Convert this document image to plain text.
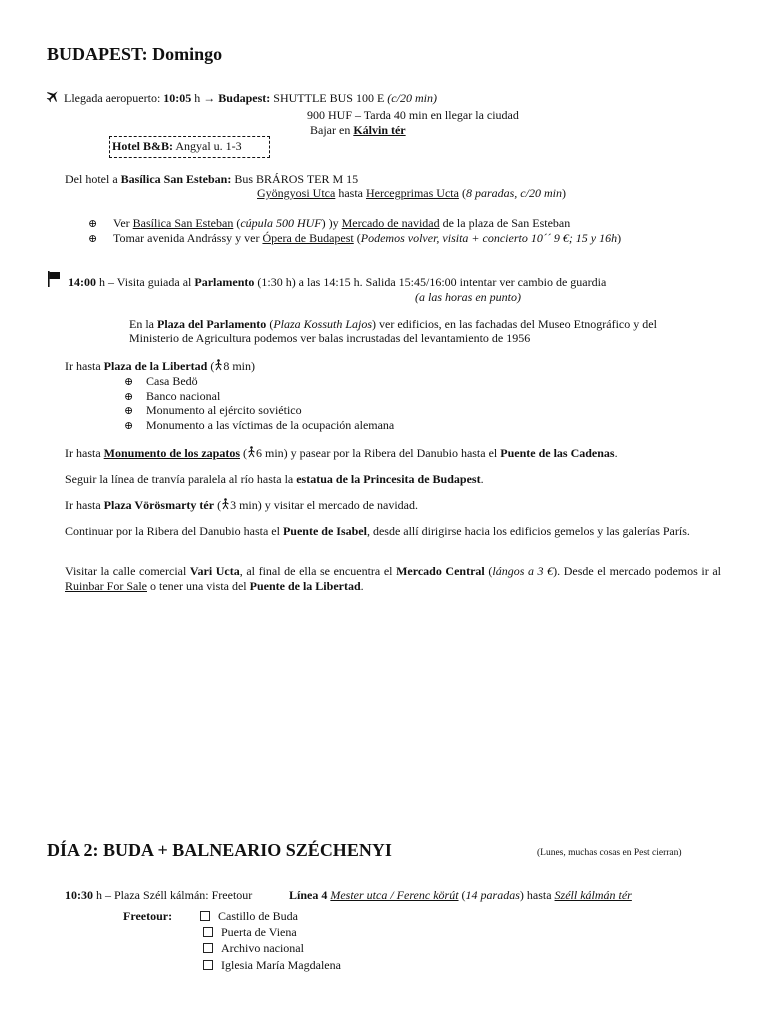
BUDAPEST: Domingo
Llegada aeropuerto: 10:05 h → Budapest: SHUTTLE BUS 100 E (c/20 min)
900 HUF – Tarda 40 min en llegar la ciudad
Bajar en Kálvin tér
Hotel B&B: Angyal u. 1-3
Del hotel a Basílica San Esteban: Bus BRÁROS TER M 15
Gyöngyosi Utca hasta Hercegprimas Ucta (8 paradas, c/20 min)
⊕ Ver Basílica San Esteban (cúpula 500 HUF) )y Mercado de navidad de la plaza de San Esteban
⊕ Tomar avenida Andrássy y ver Ópera de Budapest (Podemos volver, visita + concierto 10´´ 9 €; 15 y 16h)
14:00 h – Visita guiada al Parlamento (1:30 h) a las 14:15 h. Salida 15:45/16:00 intentar ver cambio de guardia
(a las horas en punto)
En la Plaza del Parlamento (Plaza Kossuth Lajos) ver edificios, en las fachadas del Museo Etnográfico y del
Ministerio de Agricultura podemos ver balas incrustadas del levantamiento de 1956
Ir hasta Plaza de la Libertad ( 8 min)
⊕ Casa Bedö
⊕ Banco nacional
⊕ Monumento al ejército soviético
⊕ Monumento a las víctimas de la ocupación alemana
Ir hasta Monumento de los zapatos ( 6 min) y pasear por la Ribera del Danubio hasta el Puente de las Cadenas.
Seguir la línea de tranvía paralela al río hasta la estatua de la Princesita de Budapest.
Ir hasta Plaza Vörösmarty tér ( 3 min) y visitar el mercado de navidad.
Continuar por la Ribera del Danubio hasta el Puente de Isabel, desde allí dirigirse hacia los edificios gemelos y las galerías París.
Visitar la calle comercial Vari Ucta, al final de ella se encuentra el Mercado Central (lángos a 3 €). Desde el mercado podemos ir al Ruinbar For Sale o tener una vista del Puente de la Libertad.
DÍA 2: BUDA + BALNEARIO SZÉCHENYI	(Lunes, muchas cosas en Pest cierran)
10:30 h – Plaza Széll kálmán: Freetour	Línea 4 Mester utca / Ferenc körút (14 paradas) hasta Széll kálmán tér
Freetour:	Castillo de Buda
Puerta de Viena
Archivo nacional
Iglesia María Magdalena
